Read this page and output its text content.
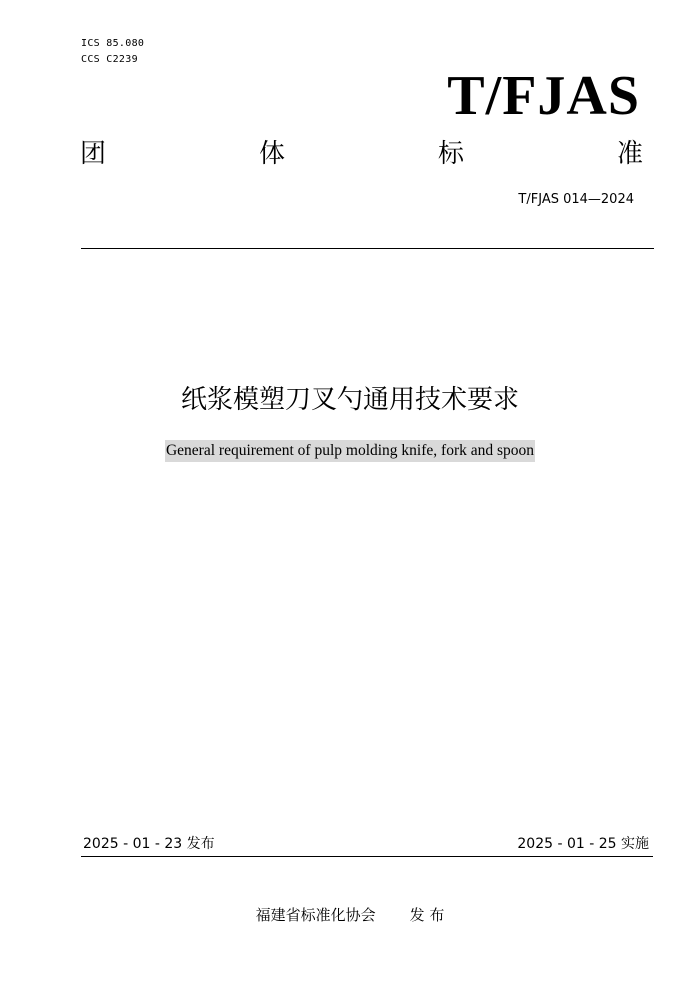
ICS 85.080
CCS C2239
T/FJAS
团	体	标	准
T/FJAS 014—2024
纸浆模塑刀叉勺通用技术要求
General requirement of pulp molding knife, fork and spoon
2025 - 01 - 23 发布	2025 - 01 - 25 实施
福建省标准化协会 发 布
